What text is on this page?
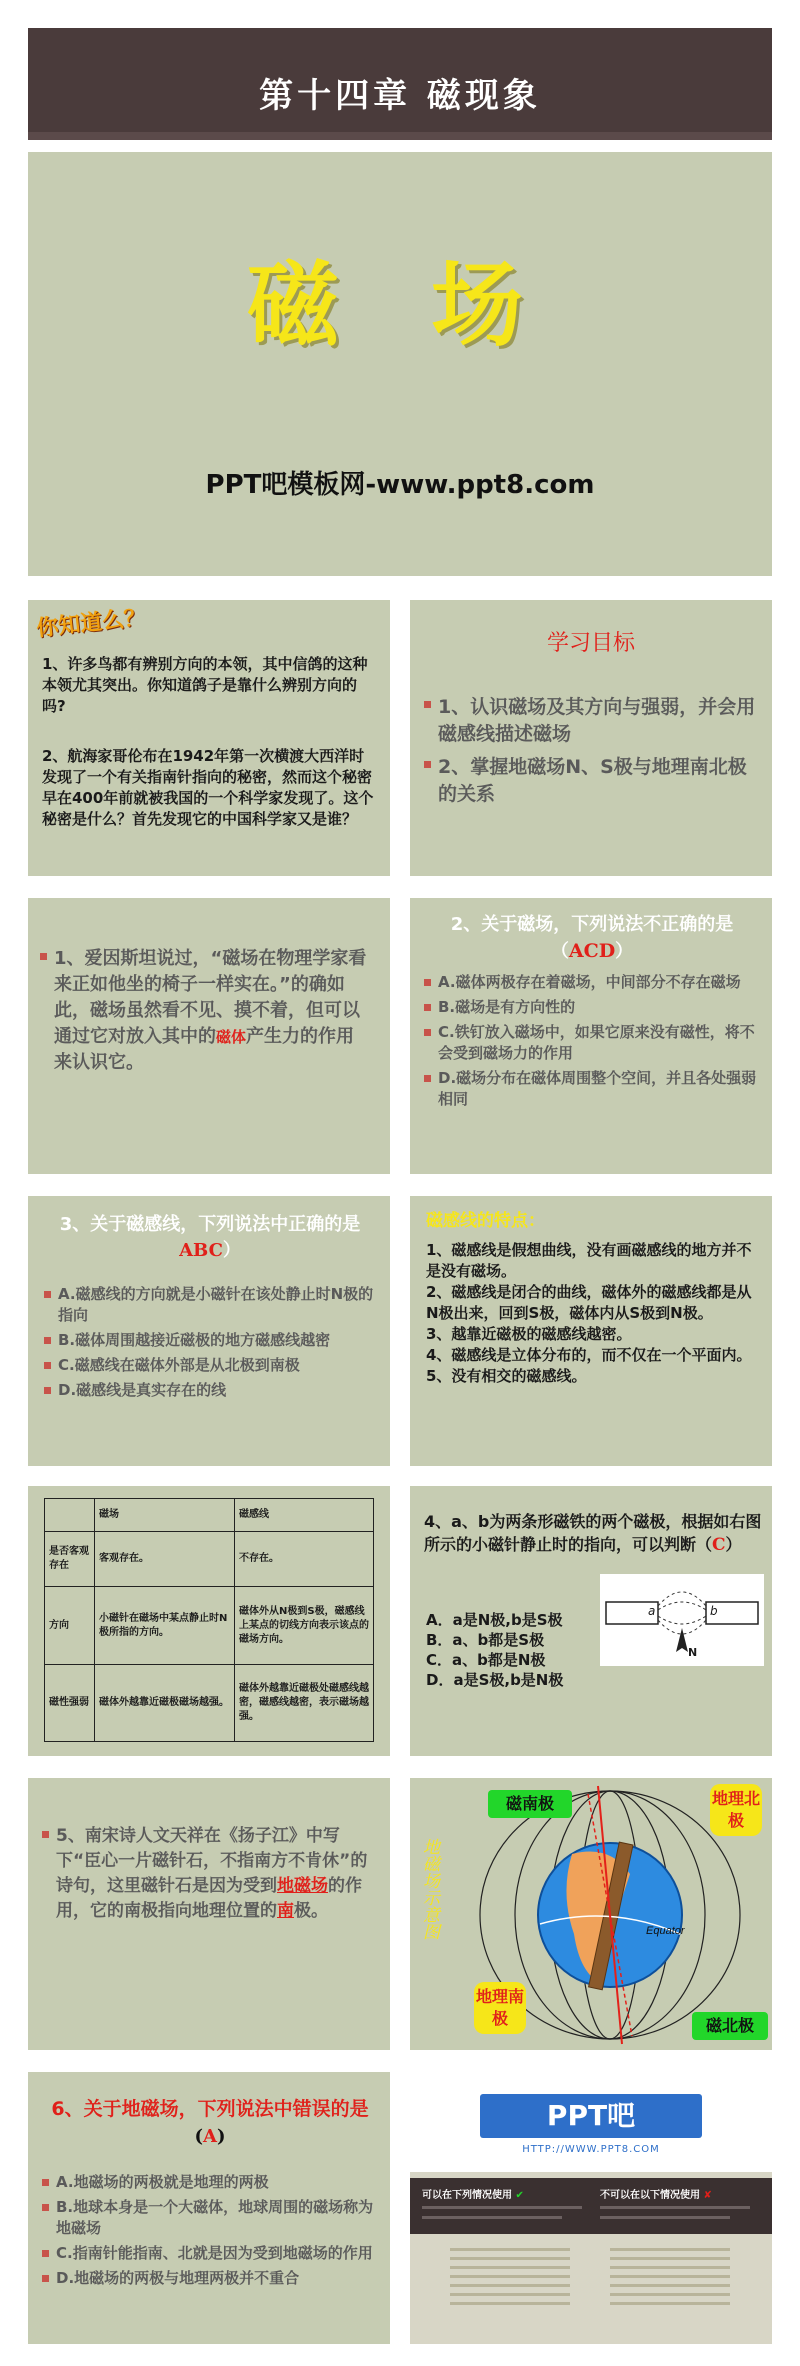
第十四章 磁现象
磁 场
PPT吧模板网-www.ppt8.com
你知道么？
1、许多鸟都有辨别方向的本领，其中信鸽的这种本领尤其突出。你知道鸽子是靠什么辨别方向的吗?
2、航海家哥伦布在1942年第一次横渡大西洋时发现了一个有关指南针指向的秘密，然而这个秘密早在400年前就被我国的一个科学家发现了。这个秘密是什么？首先发现它的中国科学家又是谁？
学习目标
1、认识磁场及其方向与强弱，并会用磁感线描述磁场
2、掌握地磁场N、S极与地理南北极的关系
1、爱因斯坦说过，“磁场在物理学家看来正如他坐的椅子一样实在。”的确如此，磁场虽然看不见、摸不着，但可以通过它对放入其中的磁体产生力的作用来认识它。
2、关于磁场，下列说法不正确的是（ACD）
A.磁体两极存在着磁场，中间部分不存在磁场
B.磁场是有方向性的
C.铁钉放入磁场中，如果它原来没有磁性，将不会受到磁场力的作用
D.磁场分布在磁体周围整个空间，并且各处强弱相同
3、关于磁感线，下列说法中正确的是ABC）
A.磁感线的方向就是小磁针在该处静止时N极的指向
B.磁体周围越接近磁极的地方磁感线越密
C.磁感线在磁体外部是从北极到南极
D.磁感线是真实存在的线
磁感线的特点：
1、磁感线是假想曲线，没有画磁感线的地方并不是没有磁场。
2、磁感线是闭合的曲线，磁体外的磁感线都是从N极出来，回到S极，磁体内从S极到N极。
3、越靠近磁极的磁感线越密。
4、磁感线是立体分布的，而不仅在一个平面内。
5、没有相交的磁感线。
	磁场	磁感线
是否客观存在	客观存在。	不存在。
方向	小磁针在磁场中某点静止时N极所指的方向。	磁体外从N极到S极，磁感线上某点的切线方向表示该点的磁场方向。
磁性强弱	磁体外越靠近磁极磁场越强。	磁体外越靠近磁极处磁感线越密，磁感线越密，表示磁场越强。
4、a、b为两条形磁铁的两个磁极，根据如右图所示的小磁针静止时的指向，可以判断（C）
A．a是N极,b是S极
B．a、b都是S极
C．a、b都是N极
D．a是S极,b是N极
a	b
N
5、南宋诗人文天祥在《扬子江》中写下“臣心一片磁针石，不指南方不肯休”的诗句，这里磁针石是因为受到地磁场的作用，它的南极指向地理位置的南极。	地磁场示意图	Equator
磁南极	地理北极
地理南极	磁北极
6、关于地磁场，下列说法中错误的是(A)
A.地磁场的两极就是地理的两极
B.地球本身是一个大磁体，地球周围的磁场称为地磁场
C.指南针能指南、北就是因为受到地磁场的作用
D.地磁场的两极与地理两极并不重合
PPT吧
HTTP://WWW.PPT8.COM
可以在下列情况使用 ✔	不可以在以下情况使用 ✘
